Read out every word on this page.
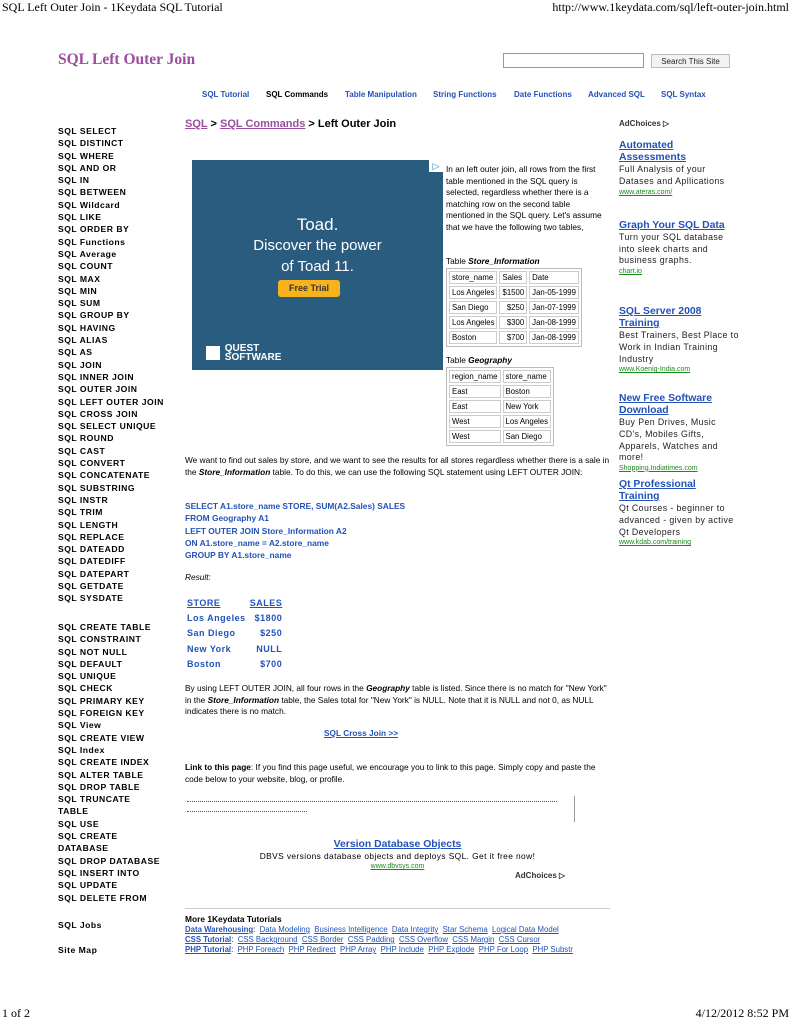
SQL Left Outer Join - 1Keydata SQL Tutorial	http://www.1keydata.com/sql/left-outer-join.html
SQL Left Outer Join	Search This Site
SQL Tutorial SQL Commands Table Manipulation String Functions Date Functions Advanced SQL SQL Syntax
SQL SELECT
SQL DISTINCT
SQL WHERE
SQL AND OR
SQL IN
SQL BETWEEN
SQL Wildcard
SQL LIKE
SQL ORDER BY
SQL Functions
SQL Average
SQL COUNT
SQL MAX
SQL MIN
SQL SUM
SQL GROUP BY
SQL HAVING
SQL ALIAS
SQL AS
SQL JOIN
SQL INNER JOIN
SQL OUTER JOIN
SQL LEFT OUTER JOIN
SQL CROSS JOIN
SQL SELECT UNIQUE
SQL ROUND
SQL CAST
SQL CONVERT
SQL CONCATENATE
SQL SUBSTRING
SQL INSTR
SQL TRIM
SQL LENGTH
SQL REPLACE
SQL DATEADD
SQL DATEDIFF
SQL DATEPART
SQL GETDATE
SQL SYSDATE
SQL CREATE TABLE
SQL CONSTRAINT
SQL NOT NULL
SQL DEFAULT
SQL UNIQUE
SQL CHECK
SQL PRIMARY KEY
SQL FOREIGN KEY
SQL View
SQL CREATE VIEW
SQL Index
SQL CREATE INDEX
SQL ALTER TABLE
SQL DROP TABLE
SQL TRUNCATE
TABLE
SQL USE
SQL CREATE
DATABASE
SQL DROP DATABASE
SQL INSERT INTO
SQL UPDATE
SQL DELETE FROM
SQL Jobs
Site Map
SQL > SQL Commands > Left Outer Join
▷
Toad.
Discover the power
of Toad 11.
Free Trial
QUEST
SOFTWARE
In an left outer join, all rows from the first table mentioned in the SQL query is selected, regardless whether there is a matching row on the second table mentioned in the SQL query. Let's assume that we have the following two tables,
Table Store_Information
store_name	Sales	Date
Los Angeles	$1500	Jan-05-1999
San Diego	$250	Jan-07-1999
Los Angeles	$300	Jan-08-1999
Boston	$700	Jan-08-1999
Table Geography
region_name	store_name
East	Boston
East	New York
West	Los Angeles
West	San Diego
We want to find out sales by store, and we want to see the results for all stores regardless whether there is a sale in the Store_Information table. To do this, we can use the following SQL statement using LEFT OUTER JOIN:
SELECT A1.store_name STORE, SUM(A2.Sales) SALES
FROM Geography A1
LEFT OUTER JOIN Store_Information A2
ON A1.store_name = A2.store_name
GROUP BY A1.store_name
Result:
STORE	SALES
Los Angeles	$1800
San Diego	$250
New York	NULL
Boston	$700
By using LEFT OUTER JOIN, all four rows in the Geography table is listed. Since there is no match for "New York" in the Store_Information table, the Sales total for "New York" is NULL. Note that it is NULL and not 0, as NULL indicates there is no match.
SQL Cross Join >>
Link to this page: If you find this page useful, we encourage you to link to this page. Simply copy and paste the code below to your website, blog, or profile.
Version Database Objects
DBVS versions database objects and deploys SQL. Get it free now!
www.dbvsys.com
AdChoices ▷
AdChoices ▷
Automated Assessments
Full Analysis of your Datases and Apllications
www.ateras.com/
Graph Your SQL Data
Turn your SQL database into sleek charts and business graphs.
chart.io
SQL Server 2008 Training
Best Trainers, Best Place to Work in Indian Training Industry
www.Koenig-India.com
New Free Software Download
Buy Pen Drives, Music CD's, Mobiles Gifts, Apparels, Watches and more!
Shopping.Indiatimes.com
Qt Professional Training
Qt Courses - beginner to advanced - given by active Qt Developers
www.kdab.com/training
More 1Keydata Tutorials
Data Warehousing:  Data Modeling Business Intelligence Data Integrity Star Schema Logical Data Model
CSS Tutorial:  CSS Background CSS Border CSS Padding CSS Overflow CSS Margin CSS Cursor
PHP Tutorial:  PHP Foreach PHP Redirect PHP Array PHP Include PHP Explode PHP For Loop PHP Substr
1 of 2	4/12/2012 8:52 PM
